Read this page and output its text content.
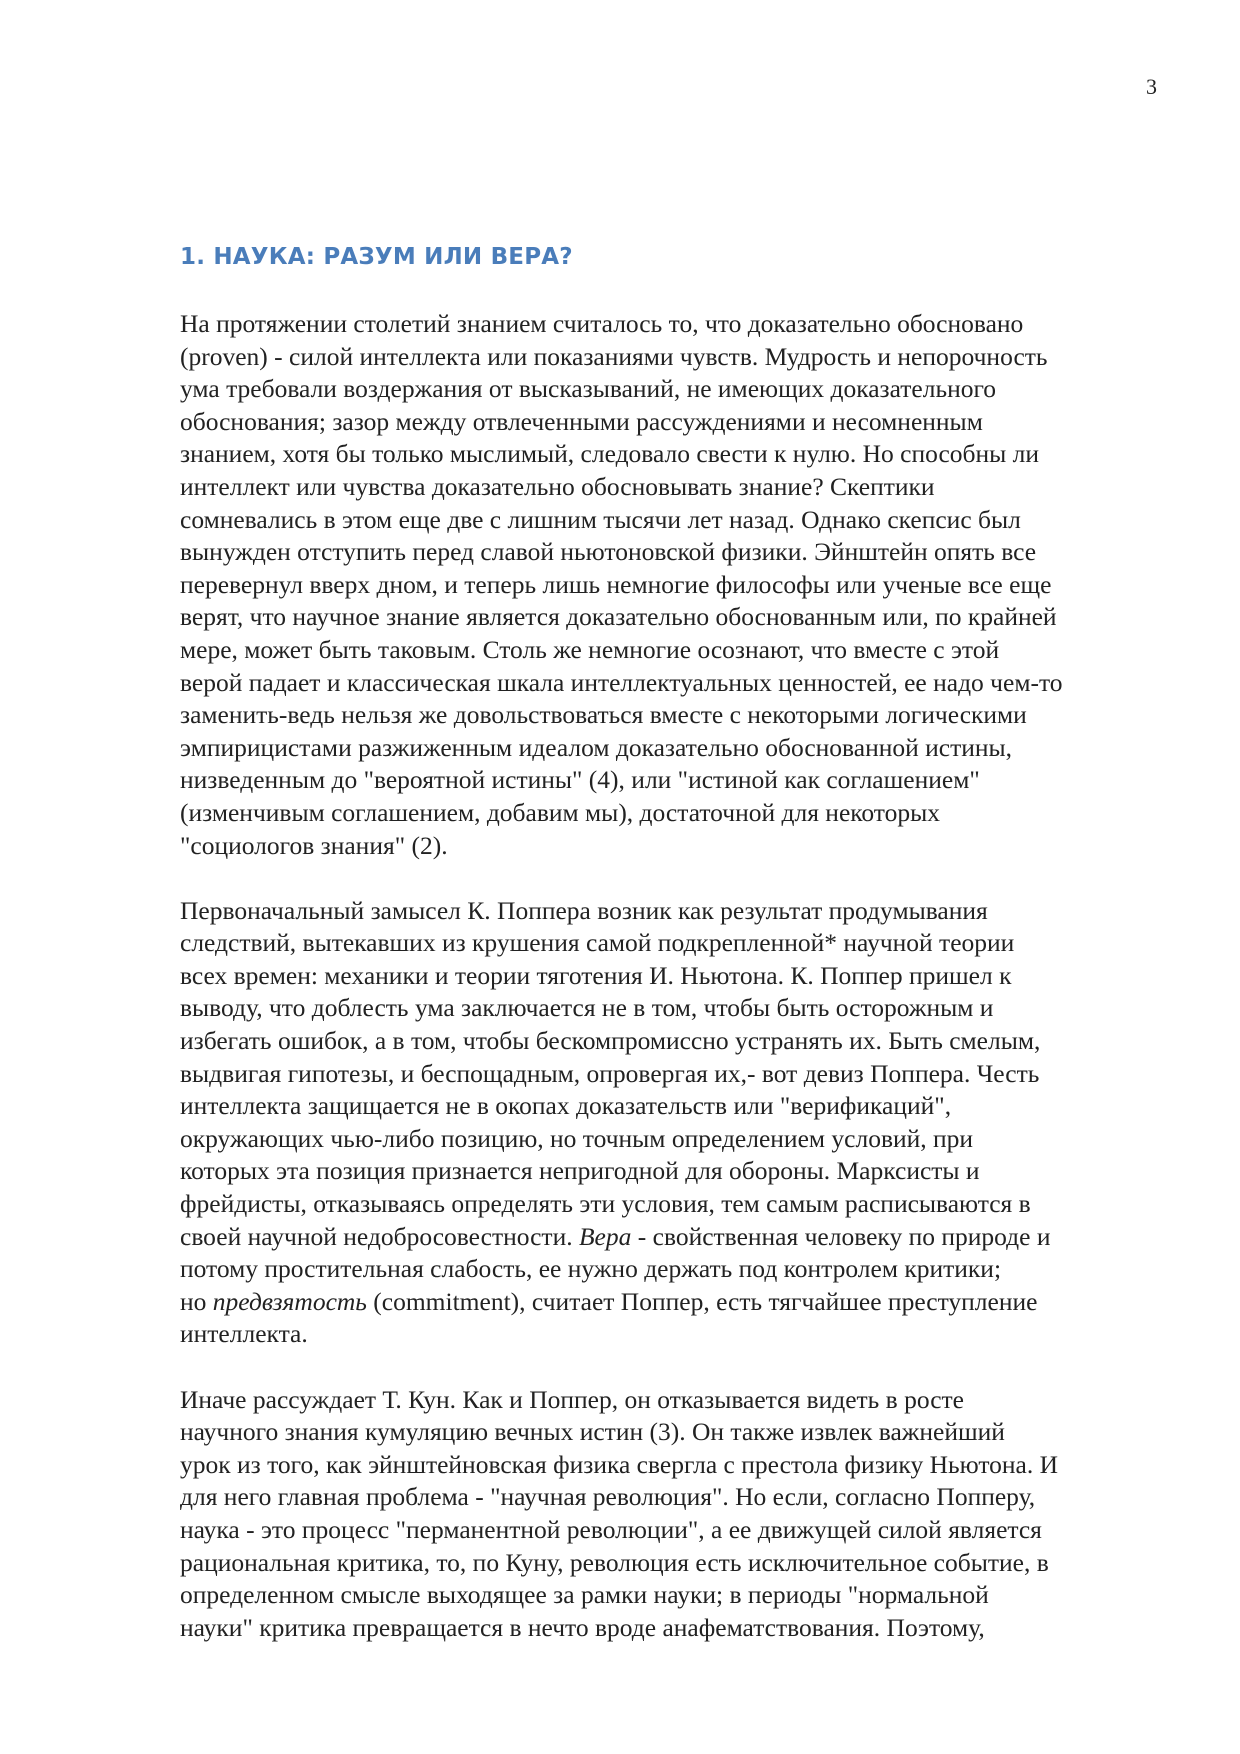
3
1. НАУКА: РАЗУМ ИЛИ ВЕРА?

На протяжении столетий знанием считалось то, что доказательно обосновано
(proven) - силой интеллекта или показаниями чувств. Мудрость и непорочность
ума требовали воздержания от высказываний, не имеющих доказательного
обоснования; зазор между отвлеченными рассуждениями и несомненным
знанием, хотя бы только мыслимый, следовало свести к нулю. Но способны ли
интеллект или чувства доказательно обосновывать знание? Скептики
сомневались в этом еще две с лишним тысячи лет назад. Однако скепсис был
вынужден отступить перед славой ньютоновской физики. Эйнштейн опять все
перевернул вверх дном, и теперь лишь немногие философы или ученые все еще
верят, что научное знание является доказательно обоснованным или, по крайней
мере, может быть таковым. Столь же немногие осознают, что вместе с этой
верой падает и классическая шкала интеллектуальных ценностей, ее надо чем-то
заменить-ведь нельзя же довольствоваться вместе с некоторыми логическими
эмпирицистами разжиженным идеалом доказательно обоснованной истины,
низведенным до "вероятной истины" (4), или "истиной как соглашением"
(изменчивым соглашением, добавим мы), достаточной для некоторых
"социологов знания" (2).

Первоначальный замысел К. Поппера возник как результат продумывания
следствий, вытекавших из крушения самой подкрепленной* научной теории
всех времен: механики и теории тяготения И. Ньютона. К. Поппер пришел к
выводу, что доблесть ума заключается не в том, чтобы быть осторожным и
избегать ошибок, а в том, чтобы бескомпромиссно устранять их. Быть смелым,
выдвигая гипотезы, и беспощадным, опровергая их,- вот девиз Поппера. Честь
интеллекта защищается не в окопах доказательств или "верификаций",
окружающих чью-либо позицию, но точным определением условий, при
которых эта позиция признается непригодной для обороны. Марксисты и
фрейдисты, отказываясь определять эти условия, тем самым расписываются в
своей научной недобросовестности. Вера - свойственная человеку по природе и
потому простительная слабость, ее нужно держать под контролем критики;
но предвзятость (commitment), считает Поппер, есть тягчайшее преступление
интеллекта.

Иначе рассуждает Т. Кун. Как и Поппер, он отказывается видеть в росте
научного знания кумуляцию вечных истин (3). Он также извлек важнейший
урок из того, как эйнштейновская физика свергла с престола физику Ньютона. И
для него главная проблема - "научная революция". Но если, согласно Попперу,
наука - это процесс "перманентной революции", а ее движущей силой является
рациональная критика, то, по Куну, революция есть исключительное событие, в
определенном смысле выходящее за рамки науки; в периоды "нормальной
науки" критика превращается в нечто вроде анафематствования. Поэтому,
